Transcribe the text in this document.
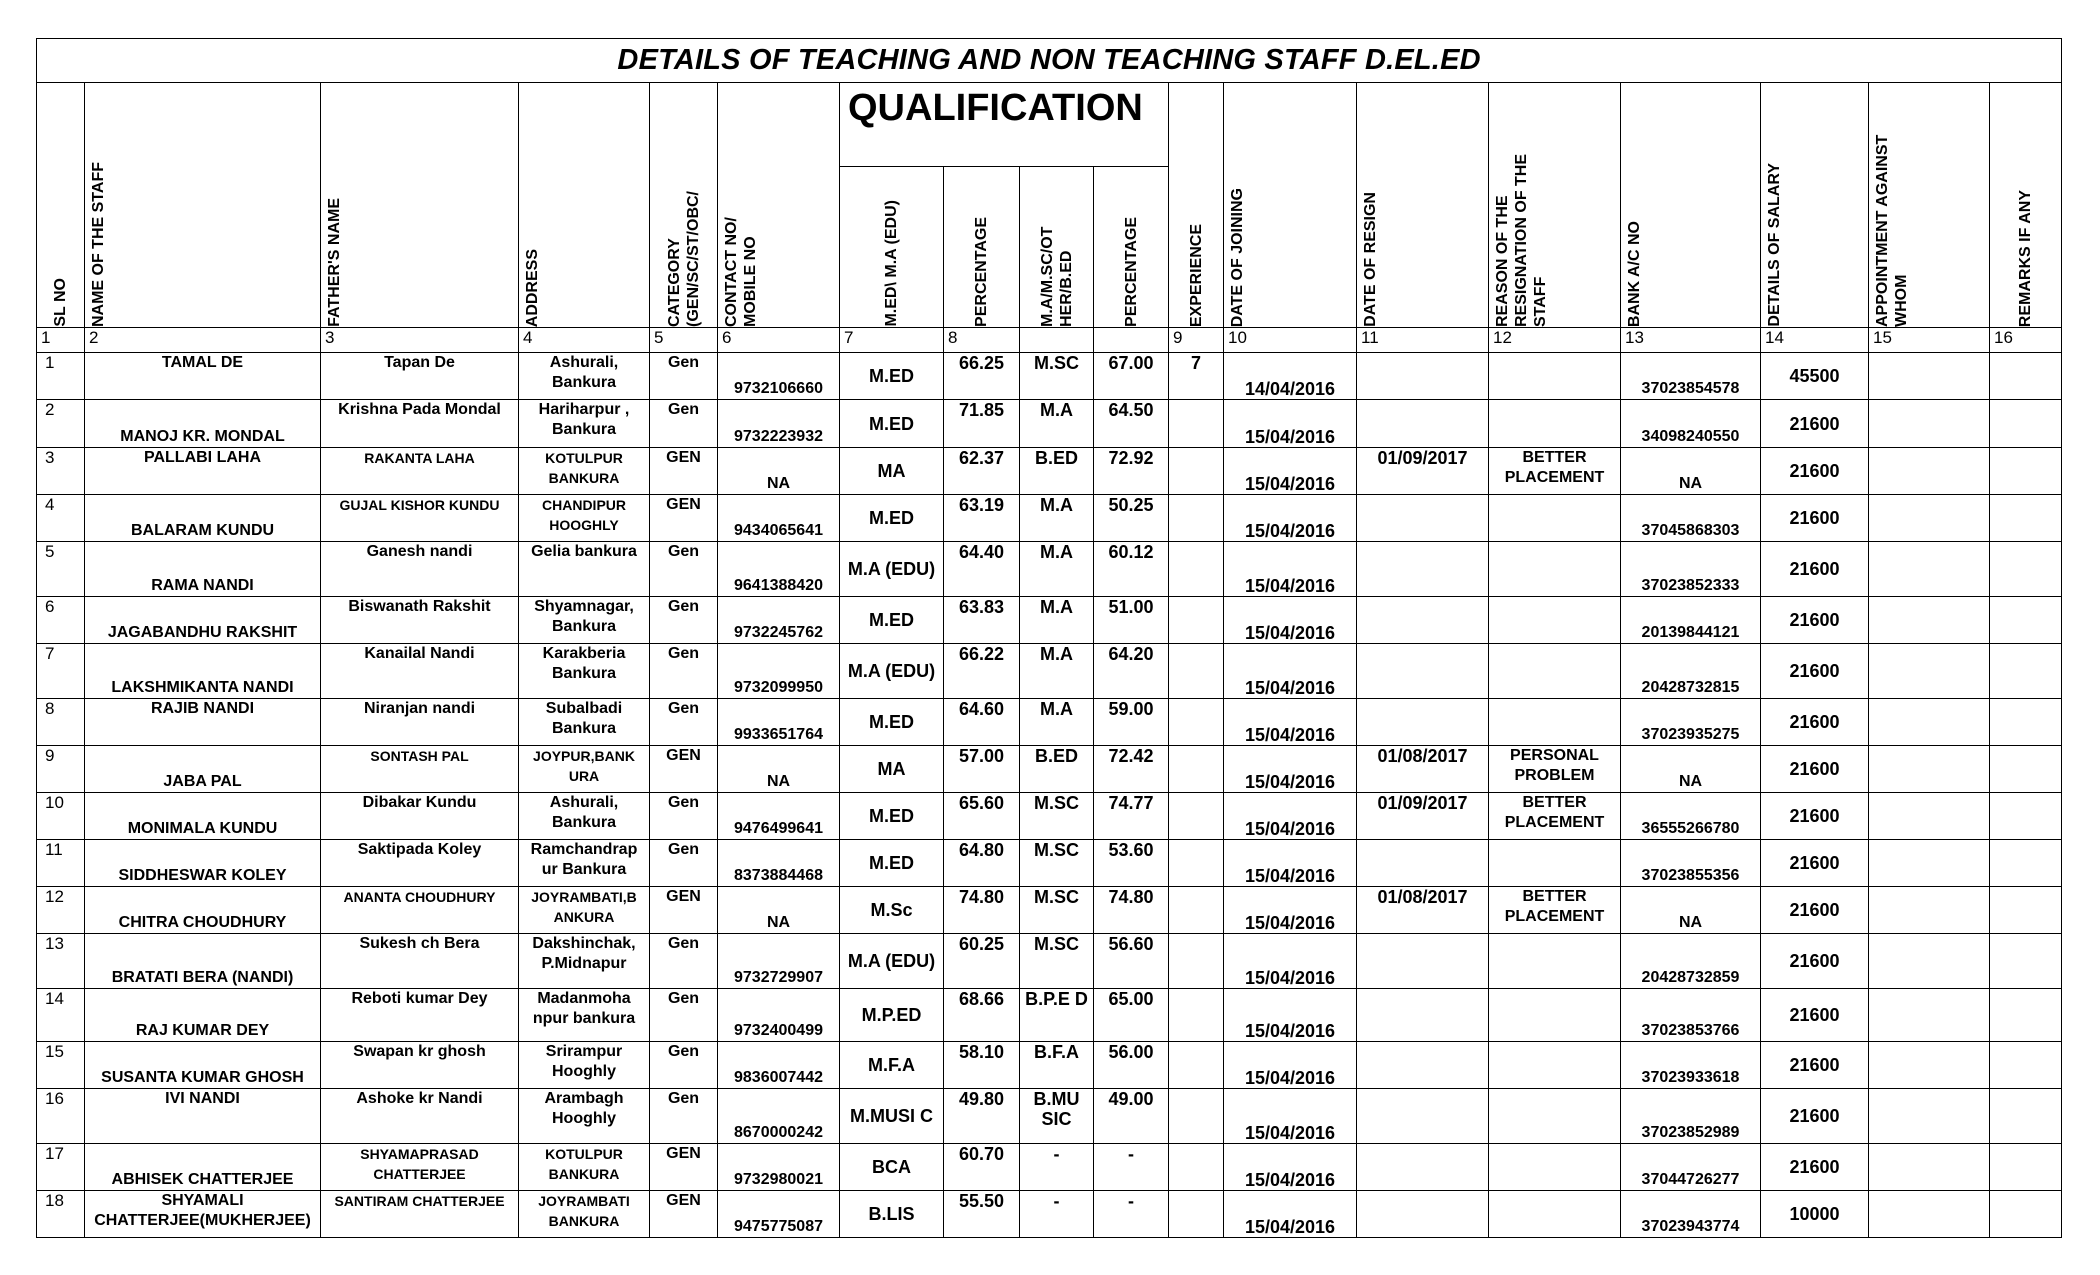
DETAILS OF TEACHING AND NON TEACHING STAFF D.EL.ED																	

SL NO	NAME OF THE STAFF	FATHER'S NAME	ADDRESS	CATEGORY (GEN/SC/ST/OBC/	CONTACT NO/ MOBILE NO	QUALIFICATION				EXPERIENCE	DATE OF JOINING	DATE OF RESIGN	REASON OF THE RESIGNATION OF THE STAFF	BANK A/C NO	DETAILS OF SALARY	APPOINTMENT AGAINST WHOM	REMARKS IF ANY

						M.ED\ M.A (EDU)	PERCENTAGE	M.A/M.SC/OT HER/B.ED	PERCENTAGE								

1	2	3	4	5	6	7	8			9	10	11	12	13	14	15	16
1	TAMAL DE	Tapan De	Ashurali, Bankura	Gen	9732106660	M.ED	66.25	M.SC	67.00	7	14/04/2016			37023854578	45500		
2	MANOJ KR. MONDAL	Krishna Pada Mondal	Hariharpur , Bankura	Gen	9732223932	M.ED	71.85	M.A	64.50		15/04/2016			34098240550	21600		
3	PALLABI LAHA	RAKANTA LAHA	KOTULPUR BANKURA	GEN	NA	MA	62.37	B.ED	72.92		15/04/2016	01/09/2017	BETTER PLACEMENT	NA	21600		
4	BALARAM KUNDU	GUJAL KISHOR KUNDU	CHANDIPUR HOOGHLY	GEN	9434065641	M.ED	63.19	M.A	50.25		15/04/2016			37045868303	21600		
5	RAMA NANDI	Ganesh nandi	Gelia bankura	Gen	9641388420	M.A (EDU)	64.40	M.A	60.12		15/04/2016			37023852333	21600		
6	JAGABANDHU RAKSHIT	Biswanath Rakshit	Shyamnagar, Bankura	Gen	9732245762	M.ED	63.83	M.A	51.00		15/04/2016			20139844121	21600		
7	LAKSHMIKANTA NANDI	Kanailal Nandi	Karakberia Bankura	Gen	9732099950	M.A (EDU)	66.22	M.A	64.20		15/04/2016			20428732815	21600		
8	RAJIB NANDI	Niranjan nandi	Subalbadi Bankura	Gen	9933651764	M.ED	64.60	M.A	59.00		15/04/2016			37023935275	21600		
9	JABA PAL	SONTASH PAL	JOYPUR,BANK URA	GEN	NA	MA	57.00	B.ED	72.42		15/04/2016	01/08/2017	PERSONAL PROBLEM	NA	21600		
10	MONIMALA KUNDU	Dibakar Kundu	Ashurali, Bankura	Gen	9476499641	M.ED	65.60	M.SC	74.77		15/04/2016	01/09/2017	BETTER PLACEMENT	36555266780	21600		
11	SIDDHESWAR KOLEY	Saktipada Koley	Ramchandrap ur Bankura	Gen	8373884468	M.ED	64.80	M.SC	53.60		15/04/2016			37023855356	21600		
12	CHITRA CHOUDHURY	ANANTA CHOUDHURY	JOYRAMBATI,B ANKURA	GEN	NA	M.Sc	74.80	M.SC	74.80		15/04/2016	01/08/2017	BETTER PLACEMENT	NA	21600		
13	BRATATI BERA (NANDI)	Sukesh ch Bera	Dakshinchak, P.Midnapur	Gen	9732729907	M.A (EDU)	60.25	M.SC	56.60		15/04/2016			20428732859	21600		
14	RAJ KUMAR DEY	Reboti kumar Dey	Madanmoha npur bankura	Gen	9732400499	M.P.ED	68.66	B.P.E D	65.00		15/04/2016			37023853766	21600		
15	SUSANTA KUMAR GHOSH	Swapan kr ghosh	Srirampur Hooghly	Gen	9836007442	M.F.A	58.10	B.F.A	56.00		15/04/2016			37023933618	21600		
16	IVI NANDI	Ashoke kr Nandi	Arambagh Hooghly	Gen	8670000242	M.MUSI C	49.80	B.MU SIC	49.00		15/04/2016			37023852989	21600		
17	ABHISEK CHATTERJEE	SHYAMAPRASAD CHATTERJEE	KOTULPUR BANKURA	GEN	9732980021	BCA	60.70	-	-		15/04/2016			37044726277	21600		
18	SHYAMALI CHATTERJEE(MUKHERJEE)	SANTIRAM CHATTERJEE	JOYRAMBATI BANKURA	GEN	9475775087	B.LIS	55.50	-	-		15/04/2016			37023943774	10000		
